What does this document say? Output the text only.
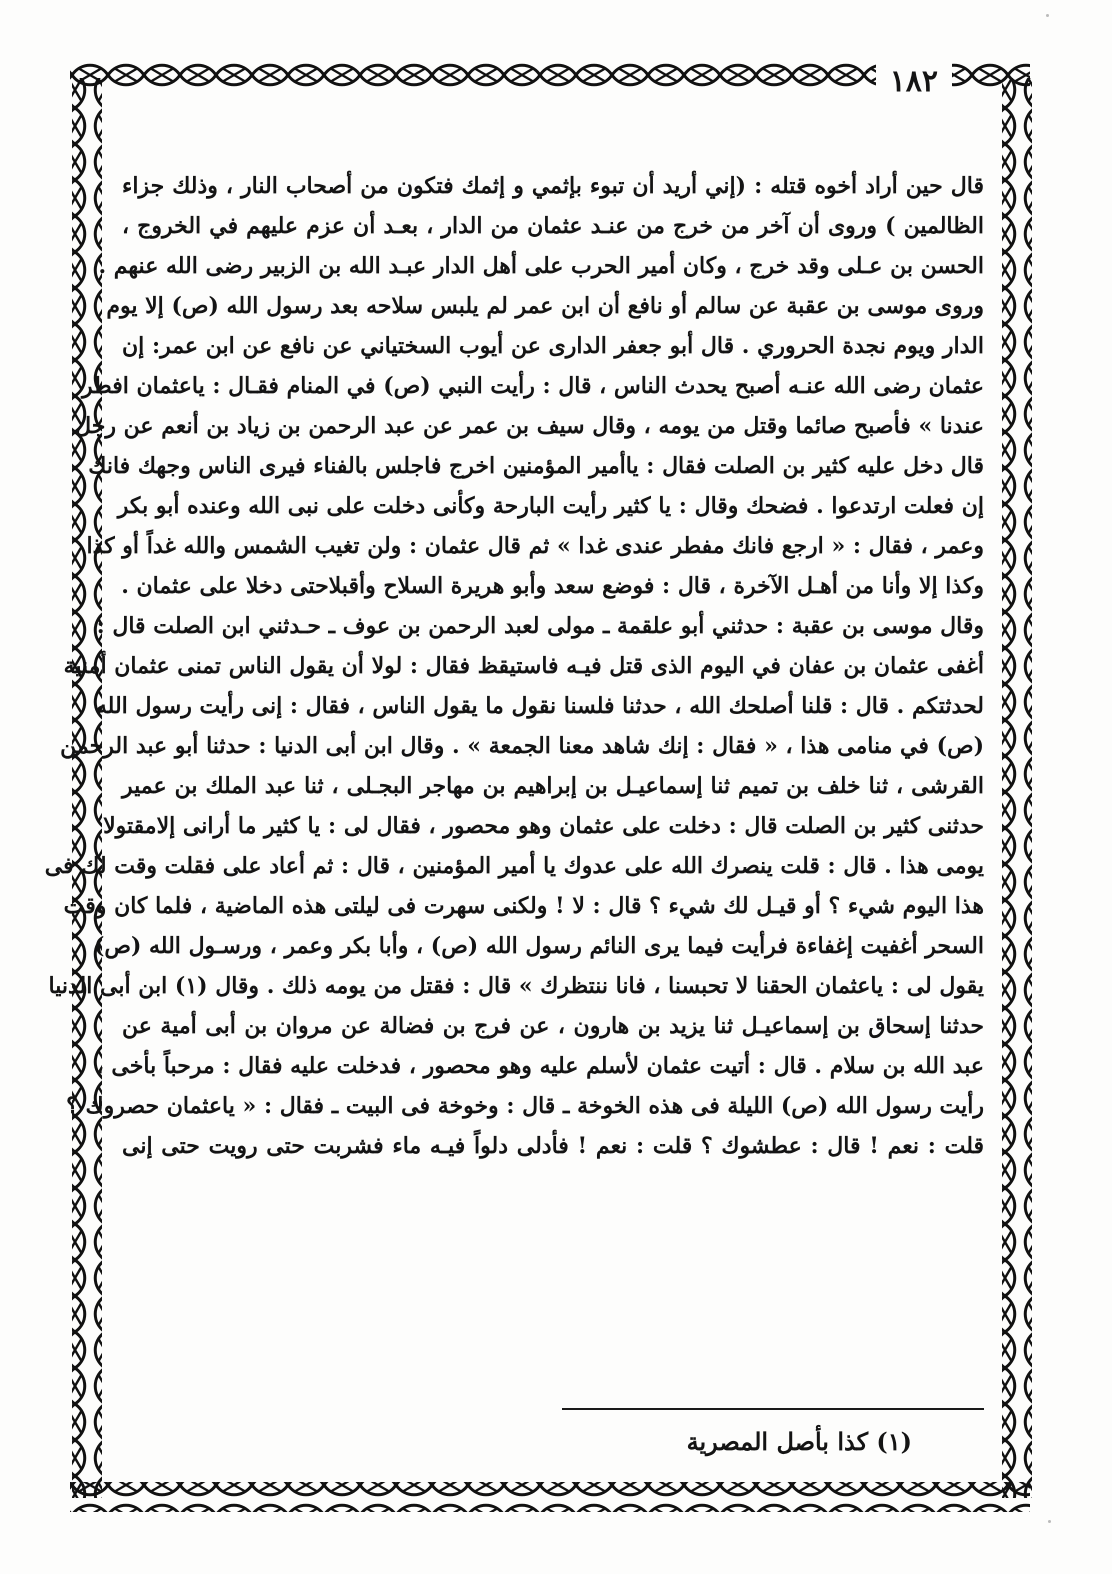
١٨٢
قال حين أراد أخوه قتله : (إني أريد أن تبوء بإثمي و إثمك فتكون من أصحاب النار ، وذلك جزاء
الظالمين ) وروى أن آخر من خرج من عنـد عثمان من الدار ، بعـد أن عزم عليهم في الخروج ،
الحسن بن عـلى وقد خرج ، وكان أمير الحرب على أهل الدار عبـد الله بن الزبير رضى الله عنهم .
وروى موسى بن عقبة عن سالم أو نافع أن ابن عمر لم يلبس سلاحه بعد رسول الله (ص) إلا يوم
الدار ويوم نجدة الحروري . قال أبو جعفر الدارى عن أيوب السختياني عن نافع عن ابن عمر: إن
عثمان رضى الله عنـه أصبح يحدث الناس ، قال : رأيت النبي (ص) في المنام فقـال : ياعثمان افطر
عندنا » فأصبح صائما وقتل من يومه ، وقال سيف بن عمر عن عبد الرحمن بن زياد بن أنعم عن رجل
قال دخل عليه كثير بن الصلت فقال : ياأمير المؤمنين اخرج فاجلس بالفناء فيرى الناس وجهك فانك
إن فعلت ارتدعوا . فضحك وقال : يا كثير رأيت البارحة وكأنى دخلت على نبى الله وعنده أبو بكر
وعمر ، فقال : « ارجع فانك مفطر عندى غدا » ثم قال عثمان : ولن تغيب الشمس والله غداً أو كذا
وكذا إلا وأنا من أهـل الآخرة ، قال : فوضع سعد وأبو هريرة السلاح وأقبلاحتى دخلا على عثمان .
وقال موسى بن عقبة : حدثني أبو علقمة ـ مولى لعبد الرحمن بن عوف ـ حـدثني ابن الصلت قال :
أغفى عثمان بن عفان في اليوم الذى قتل فيـه فاستيقظ فقال : لولا أن يقول الناس تمنى عثمان أمنية
لحدثتكم . قال : قلنا أصلحك الله ، حدثنا فلسنا نقول ما يقول الناس ، فقال : إنى رأيت رسول الله
(ص) في منامى هذا ، « فقال : إنك شاهد معنا الجمعة » . وقال ابن أبى الدنيا : حدثنا أبو عبد الرحمن
القرشى ، ثنا خلف بن تميم ثنا إسماعيـل بن إبراهيم بن مهاجر البجـلى ، ثنا عبد الملك بن عمير
حدثنى كثير بن الصلت قال : دخلت على عثمان وهو محصور ، فقال لى : يا كثير ما أرانى إلامقتولا
يومى هذا . قال : قلت ينصرك الله على عدوك يا أمير المؤمنين ، قال : ثم أعاد على فقلت وقت لك فى
هذا اليوم شيء ؟ أو قيـل لك شيء ؟ قال : لا ! ولكنى سهرت فى ليلتى هذه الماضية ، فلما كان وقت
السحر أغفيت إغفاءة فرأيت فيما يرى النائم رسول الله (ص) ، وأبا بكر وعمر ، ورسـول الله (ص)
يقول لى : ياعثمان الحقنا لا تحبسنا ، فانا ننتظرك » قال : فقتل من يومه ذلك . وقال (١) ابن أبى الدنيا
حدثنا إسحاق بن إسماعيـل ثنا يزيد بن هارون ، عن فرج بن فضالة عن مروان بن أبى أمية عن
عبد الله بن سلام . قال : أتيت عثمان لأسلم عليه وهو محصور ، فدخلت عليه فقال : مرحباً بأخى ،
رأيت رسول الله (ص) الليلة فى هذه الخوخة ـ قال : وخوخة فى البيت ـ فقال : « ياعثمان حصروك ؟
قلت : نعم ! قال : عطشوك ؟ قلت : نعم ! فأدلى دلواً فيـه ماء فشربت حتى رويت حتى إنى
(١) كذا بأصل المصرية
